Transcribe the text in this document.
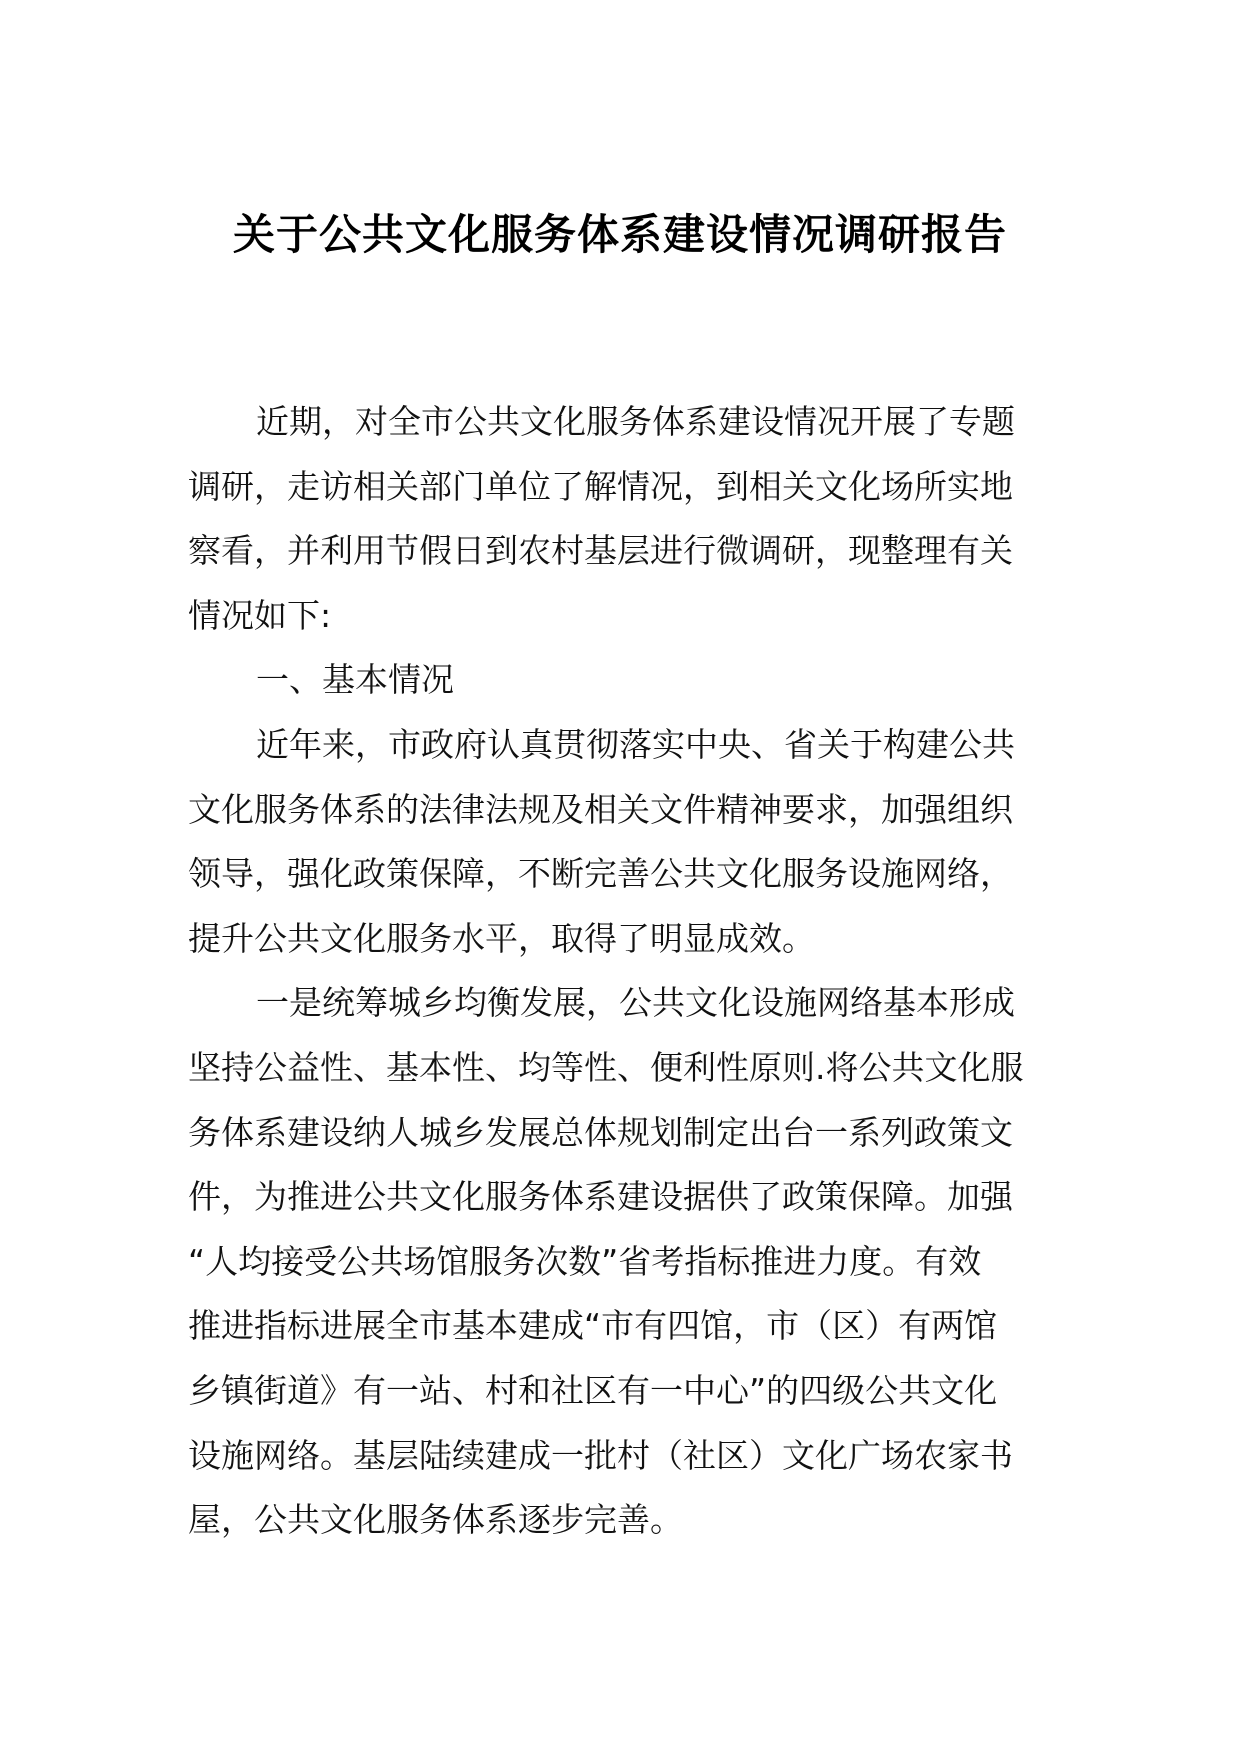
关于公共文化服务体系建设情况调研报告
近期，对全市公共文化服务体系建设情况开展了专题
调研，走访相关部门单位了解情况，到相关文化场所实地
察看，并利用节假日到农村基层进行微调研，现整理有关
情况如下:
一、基本情况
近年来，市政府认真贯彻落实中央、省关于构建公共
文化服务体系的法律法规及相关文件精神要求，加强组织
领导，强化政策保障，不断完善公共文化服务设施网络，
提升公共文化服务水平，取得了明显成效。
一是统筹城乡均衡发展，公共文化设施网络基本形成
坚持公益性、基本性、均等性、便利性原则.将公共文化服
务体系建设纳人城乡发展总体规划制定出台一系列政策文
件，为推进公共文化服务体系建设据供了政策保障。加强
“人均接受公共场馆服务次数”省考指标推进力度。有效
推进指标进展全市基本建成“市有四馆，市（区）有两馆
乡镇街道》有一站、村和社区有一中心”的四级公共文化
设施网络。基层陆续建成一批村（社区）文化广场农家书
屋，公共文化服务体系逐步完善。
